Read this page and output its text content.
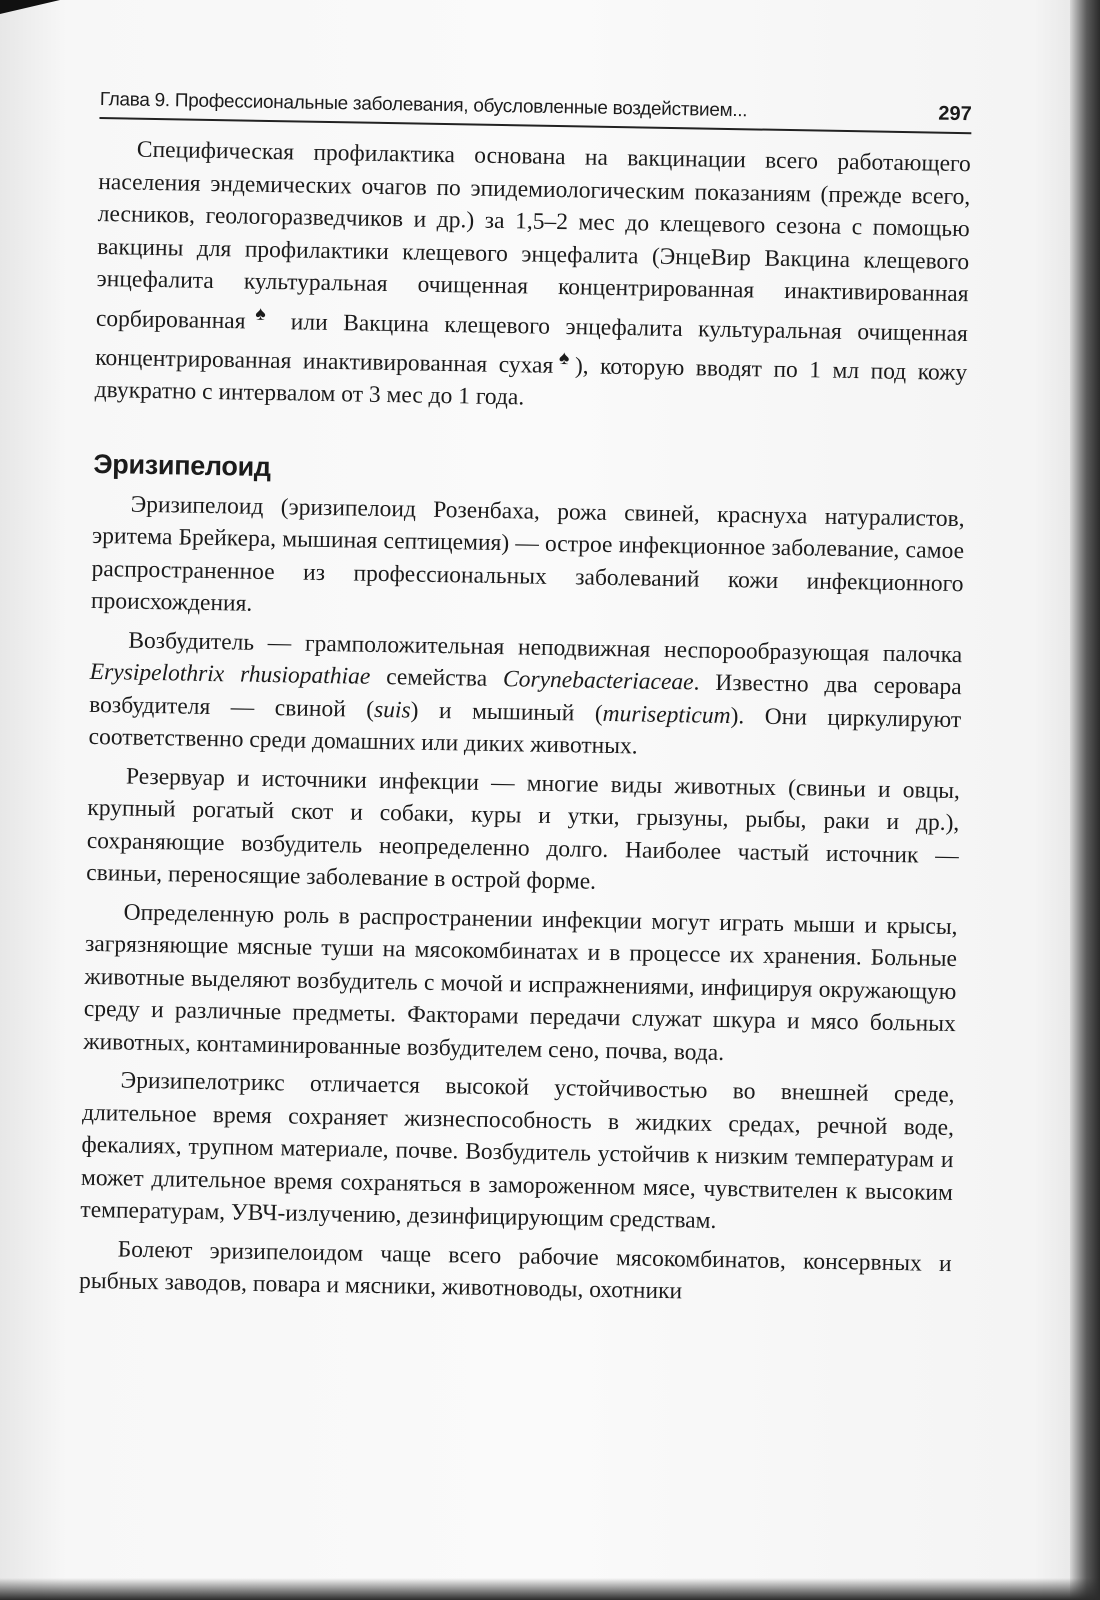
Глава 9. Профессиональные заболевания, обусловленные воздействием...	297

Специфическая профилактика основана на вакцинации всего работающего населения эндемических очагов по эпидемиологическим показаниям (прежде всего, лесников, геологоразведчиков и др.) за 1,5–2 мес до клещевого сезона с помощью вакцины для профилактики клещевого энцефалита (ЭнцеВир Вакцина клещевого энцефалита культуральная очищенная концентрированная инактивированная сорбированная♠ или Вакцина клещевого энцефалита культуральная очищенная концентрированная инактивированная сухая♠), которую вводят по 1 мл под кожу двукратно с интервалом от 3 мес до 1 года.

Эризипелоид

Эризипелоид (эризипелоид Розенбаха, рожа свиней, краснуха натуралистов, эритема Брейкера, мышиная септицемия) — острое инфекционное заболевание, самое распространенное из профессиональных заболеваний кожи инфекционного происхождения.

Возбудитель — грамположительная неподвижная неспорообразующая палочка Erysipelothrix rhusiopathiae семейства Corynebacteriaceae. Известно два серовара возбудителя — свиной (suis) и мышиный (murisepticum). Они циркулируют соответственно среди домашних или диких животных.

Резервуар и источники инфекции — многие виды животных (свиньи и овцы, крупный рогатый скот и собаки, куры и утки, грызуны, рыбы, раки и др.), сохраняющие возбудитель неопределенно долго. Наиболее частый источник — свиньи, переносящие заболевание в острой форме.

Определенную роль в распространении инфекции могут играть мыши и крысы, загрязняющие мясные туши на мясокомбинатах и в процессе их хранения. Больные животные выделяют возбудитель с мочой и испражнениями, инфицируя окружающую среду и различные предметы. Факторами передачи служат шкура и мясо больных животных, контаминированные возбудителем сено, почва, вода.

Эризипелотрикс отличается высокой устойчивостью во внешней среде, длительное время сохраняет жизнеспособность в жидких средах, речной воде, фекалиях, трупном материале, почве. Возбудитель устойчив к низким температурам и может длительное время сохраняться в замороженном мясе, чувствителен к высоким температурам, УВЧ-излучению, дезинфицирующим средствам.

Болеют эризипелоидом чаще всего рабочие мясокомбинатов, консервных и рыбных заводов, повара и мясники, животноводы, охотники
